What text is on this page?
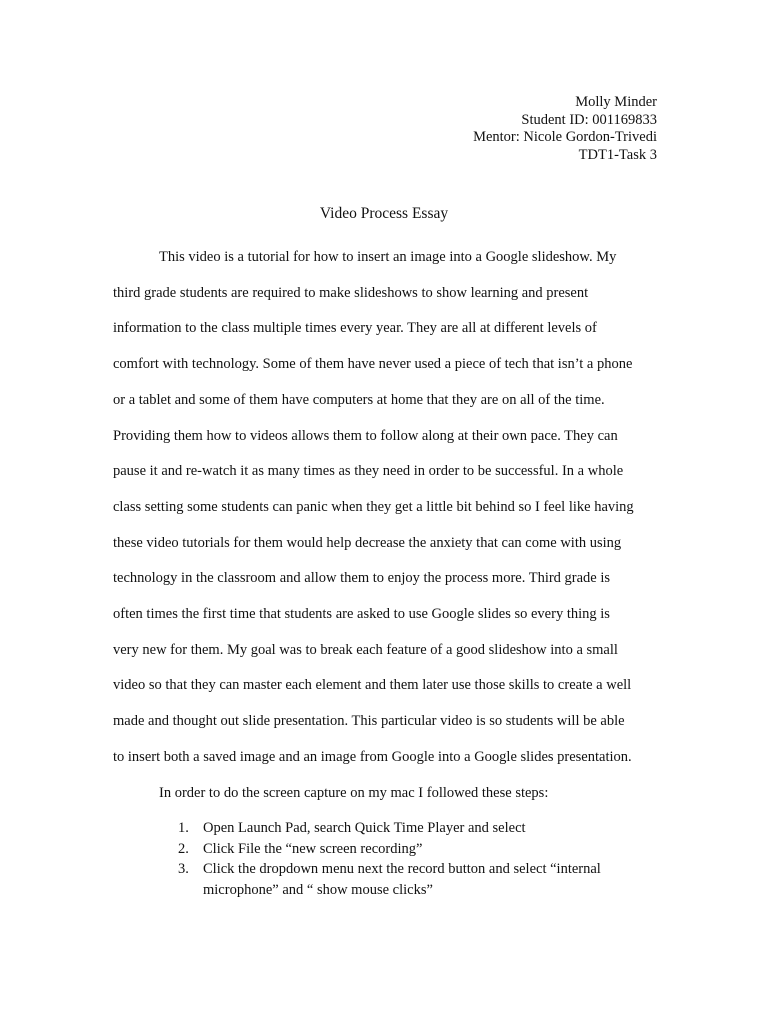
Molly Minder
Student ID: 001169833
Mentor: Nicole Gordon-Trivedi
TDT1-Task 3
Video Process Essay
This video is a tutorial for how to insert an image into a Google slideshow. My
third grade students are required to make slideshows to show learning and present
information to the class multiple times every year. They are all at different levels of
comfort with technology. Some of them have never used a piece of tech that isn’t a phone
or a tablet and some of them have computers at home that they are on all of the time.
Providing them how to videos allows them to follow along at their own pace. They can
pause it and re-watch it as many times as they need in order to be successful. In a whole
class setting some students can panic when they get a little bit behind so I feel like having
these video tutorials for them would help decrease the anxiety that can come with using
technology in the classroom and allow them to enjoy the process more. Third grade is
often times the first time that students are asked to use Google slides so every thing is
very new for them. My goal was to break each feature of a good slideshow into a small
video so that they can master each element and them later use those skills to create a well
made and thought out slide presentation. This particular video is so students will be able
to insert both a saved image and an image from Google into a Google slides presentation.
In order to do the screen capture on my mac I followed these steps:
1. Open Launch Pad, search Quick Time Player and select
2. Click File the “new screen recording”
3. Click the dropdown menu next the record button and select “internal microphone” and “ show mouse clicks”
